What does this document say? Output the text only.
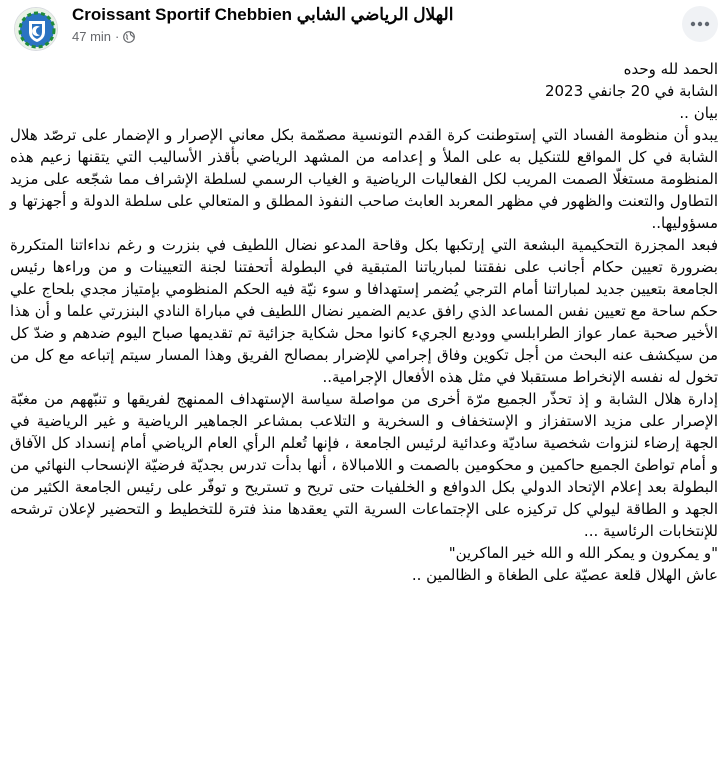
Croissant Sportif Chebbien الهلال الرياضي الشابي
47 min ·

الحمد لله وحده

الشابة في 20 جانفي 2023

بيان ..

يبدو أن منظومة الفساد التي إستوطنت كرة القدم التونسية مصمّمة بكل معاني الإصرار و الإضمار على ترصّد هلال الشابة في كل المواقع للتنكيل به على الملأ و إعدامه من المشهد الرياضي بأقذر الأساليب التي يتقنها زعيم هذه المنظومة مستغلّا الصمت المريب لكل الفعاليات الرياضية و الغياب الرسمي لسلطة الإشراف مما شجّعه على مزيد التطاول والتعنت والظهور في مظهر المعربد العابث صاحب النفوذ المطلق و المتعالي على سلطة الدولة و أجهزتها و مسؤوليها..

فبعد المجزرة التحكيمية البشعة التي إرتكبها بكل وقاحة المدعو نضال اللطيف في بنزرت و رغم نداءاتنا المتكررة بضرورة تعيين حكام أجانب على نفقتنا لمبارياتنا المتبقية في البطولة أتحفتنا لجنة التعيينات و من وراءها رئيس الجامعة بتعيين جديد لمباراتنا أمام الترجي يُضمر إستهدافا و سوء نيّة فيه الحكم المنظومي بإمتياز مجدي بلحاج علي حكم ساحة مع تعيين نفس المساعد الذي رافق عديم الضمير نضال اللطيف في مباراة النادي البنزرتي علما و أن هذا الأخير صحبة عمار عواز الطرابلسي ووديع الجريء كانوا محل شكاية جزائية تم تقديمها صباح اليوم ضدهم و ضدّ كل من سيكشف عنه البحث من أجل تكوين وفاق إجرامي للإضرار بمصالح الفريق وهذا المسار سيتم إتباعه مع كل من تخول له نفسه الإنخراط مستقبلا في مثل هذه الأفعال الإجرامية..

إدارة هلال الشابة و إذ تحذّر الجميع مرّة أخرى من مواصلة سياسة الإستهداف الممنهج لفريقها و تنبّههم من مغبّة الإصرار على مزيد الاستفزاز و الإستخفاف و السخرية و التلاعب بمشاعر الجماهير الرياضية و غير الرياضية في الجهة إرضاء لنزوات شخصية ساديّة وعدائية لرئيس الجامعة ، فإنها تُعلم الرأي العام الرياضي أمام إنسداد كل الآفاق و أمام تواطئ الجميع حاكمين و محكومين بالصمت و اللامبالاة ، أنها بدأت تدرس بجديّة فرضيّة الإنسحاب النهائي من البطولة بعد إعلام الإتحاد الدولي بكل الدوافع و الخلفيات حتى تريح و تستريح و توفّر على رئيس الجامعة الكثير من الجهد و الطاقة ليولي كل تركيزه على الإجتماعات السرية التي يعقدها منذ فترة للتخطيط و التحضير لإعلان ترشحه للإنتخابات الرئاسية ...

"و يمكرون و يمكر الله و الله خير الماكرين"

عاش الهلال قلعة عصيّة على الطغاة و الظالمين ..
